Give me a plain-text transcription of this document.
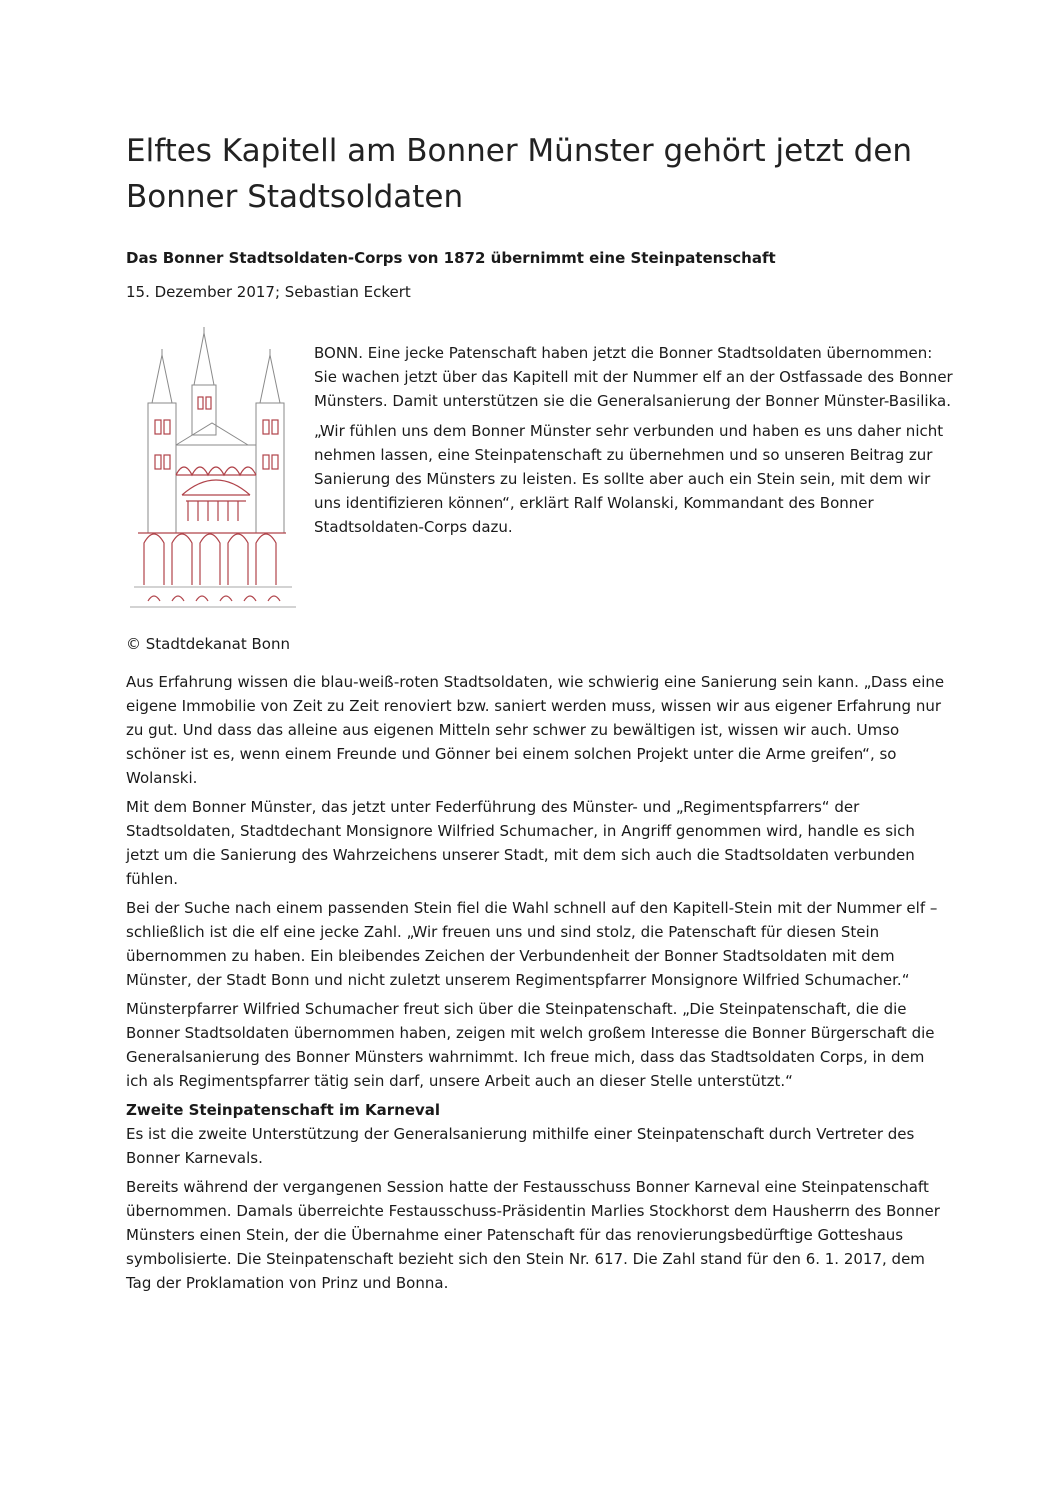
Elftes Kapitell am Bonner Münster gehört jetzt den Bonner Stadtsoldaten

Das Bonner Stadtsoldaten-Corps von 1872 übernimmt eine Steinpatenschaft

15. Dezember 2017; Sebastian Eckert

BONN. Eine jecke Patenschaft haben jetzt die Bonner Stadtsoldaten übernommen: Sie wachen jetzt über das Kapitell mit der Nummer elf an der Ostfassade des Bonner Münsters. Damit unterstützen sie die Generalsanierung der Bonner Münster-Basilika.

„Wir fühlen uns dem Bonner Münster sehr verbunden und haben es uns daher nicht nehmen lassen, eine Steinpatenschaft zu übernehmen und so unseren Beitrag zur Sanierung des Münsters zu leisten. Es sollte aber auch ein Stein sein, mit dem wir uns identifizieren können“, erklärt Ralf Wolanski, Kommandant des Bonner Stadtsoldaten-Corps dazu.

© Stadtdekanat Bonn

Aus Erfahrung wissen die blau-weiß-roten Stadtsoldaten, wie schwierig eine Sanierung sein kann. „Dass eine eigene Immobilie von Zeit zu Zeit renoviert bzw. saniert werden muss, wissen wir aus eigener Erfahrung nur zu gut. Und dass das alleine aus eigenen Mitteln sehr schwer zu bewältigen ist, wissen wir auch. Umso schöner ist es, wenn einem Freunde und Gönner bei einem solchen Projekt unter die Arme greifen“, so Wolanski.

Mit dem Bonner Münster, das jetzt unter Federführung des Münster- und „Regimentspfarrers“ der Stadtsoldaten, Stadtdechant Monsignore Wilfried Schumacher, in Angriff genommen wird, handle es sich jetzt um die Sanierung des Wahrzeichens unserer Stadt, mit dem sich auch die Stadtsoldaten verbunden fühlen.

Bei der Suche nach einem passenden Stein fiel die Wahl schnell auf den Kapitell-Stein mit der Nummer elf – schließlich ist die elf eine jecke Zahl. „Wir freuen uns und sind stolz, die Patenschaft für diesen Stein übernommen zu haben. Ein bleibendes Zeichen der Verbundenheit der Bonner Stadtsoldaten mit dem Münster, der Stadt Bonn und nicht zuletzt unserem Regimentspfarrer Monsignore Wilfried Schumacher.“

Münsterpfarrer Wilfried Schumacher freut sich über die Steinpatenschaft. „Die Steinpatenschaft, die die Bonner Stadtsoldaten übernommen haben, zeigen mit welch großem Interesse die Bonner Bürgerschaft die Generalsanierung des Bonner Münsters wahrnimmt. Ich freue mich, dass das Stadtsoldaten Corps, in dem ich als Regimentspfarrer tätig sein darf, unsere Arbeit auch an dieser Stelle unterstützt.“

Zweite Steinpatenschaft im Karneval

Es ist die zweite Unterstützung der Generalsanierung mithilfe einer Steinpatenschaft durch Vertreter des Bonner Karnevals.

Bereits während der vergangenen Session hatte der Festausschuss Bonner Karneval eine Steinpatenschaft übernommen. Damals überreichte Festausschuss-Präsidentin Marlies Stockhorst dem Hausherrn des Bonner Münsters einen Stein, der die Übernahme einer Patenschaft für das renovierungsbedürftige Gotteshaus symbolisierte. Die Steinpatenschaft bezieht sich den Stein Nr. 617. Die Zahl stand für den 6. 1. 2017, dem Tag der Proklamation von Prinz und Bonna.
